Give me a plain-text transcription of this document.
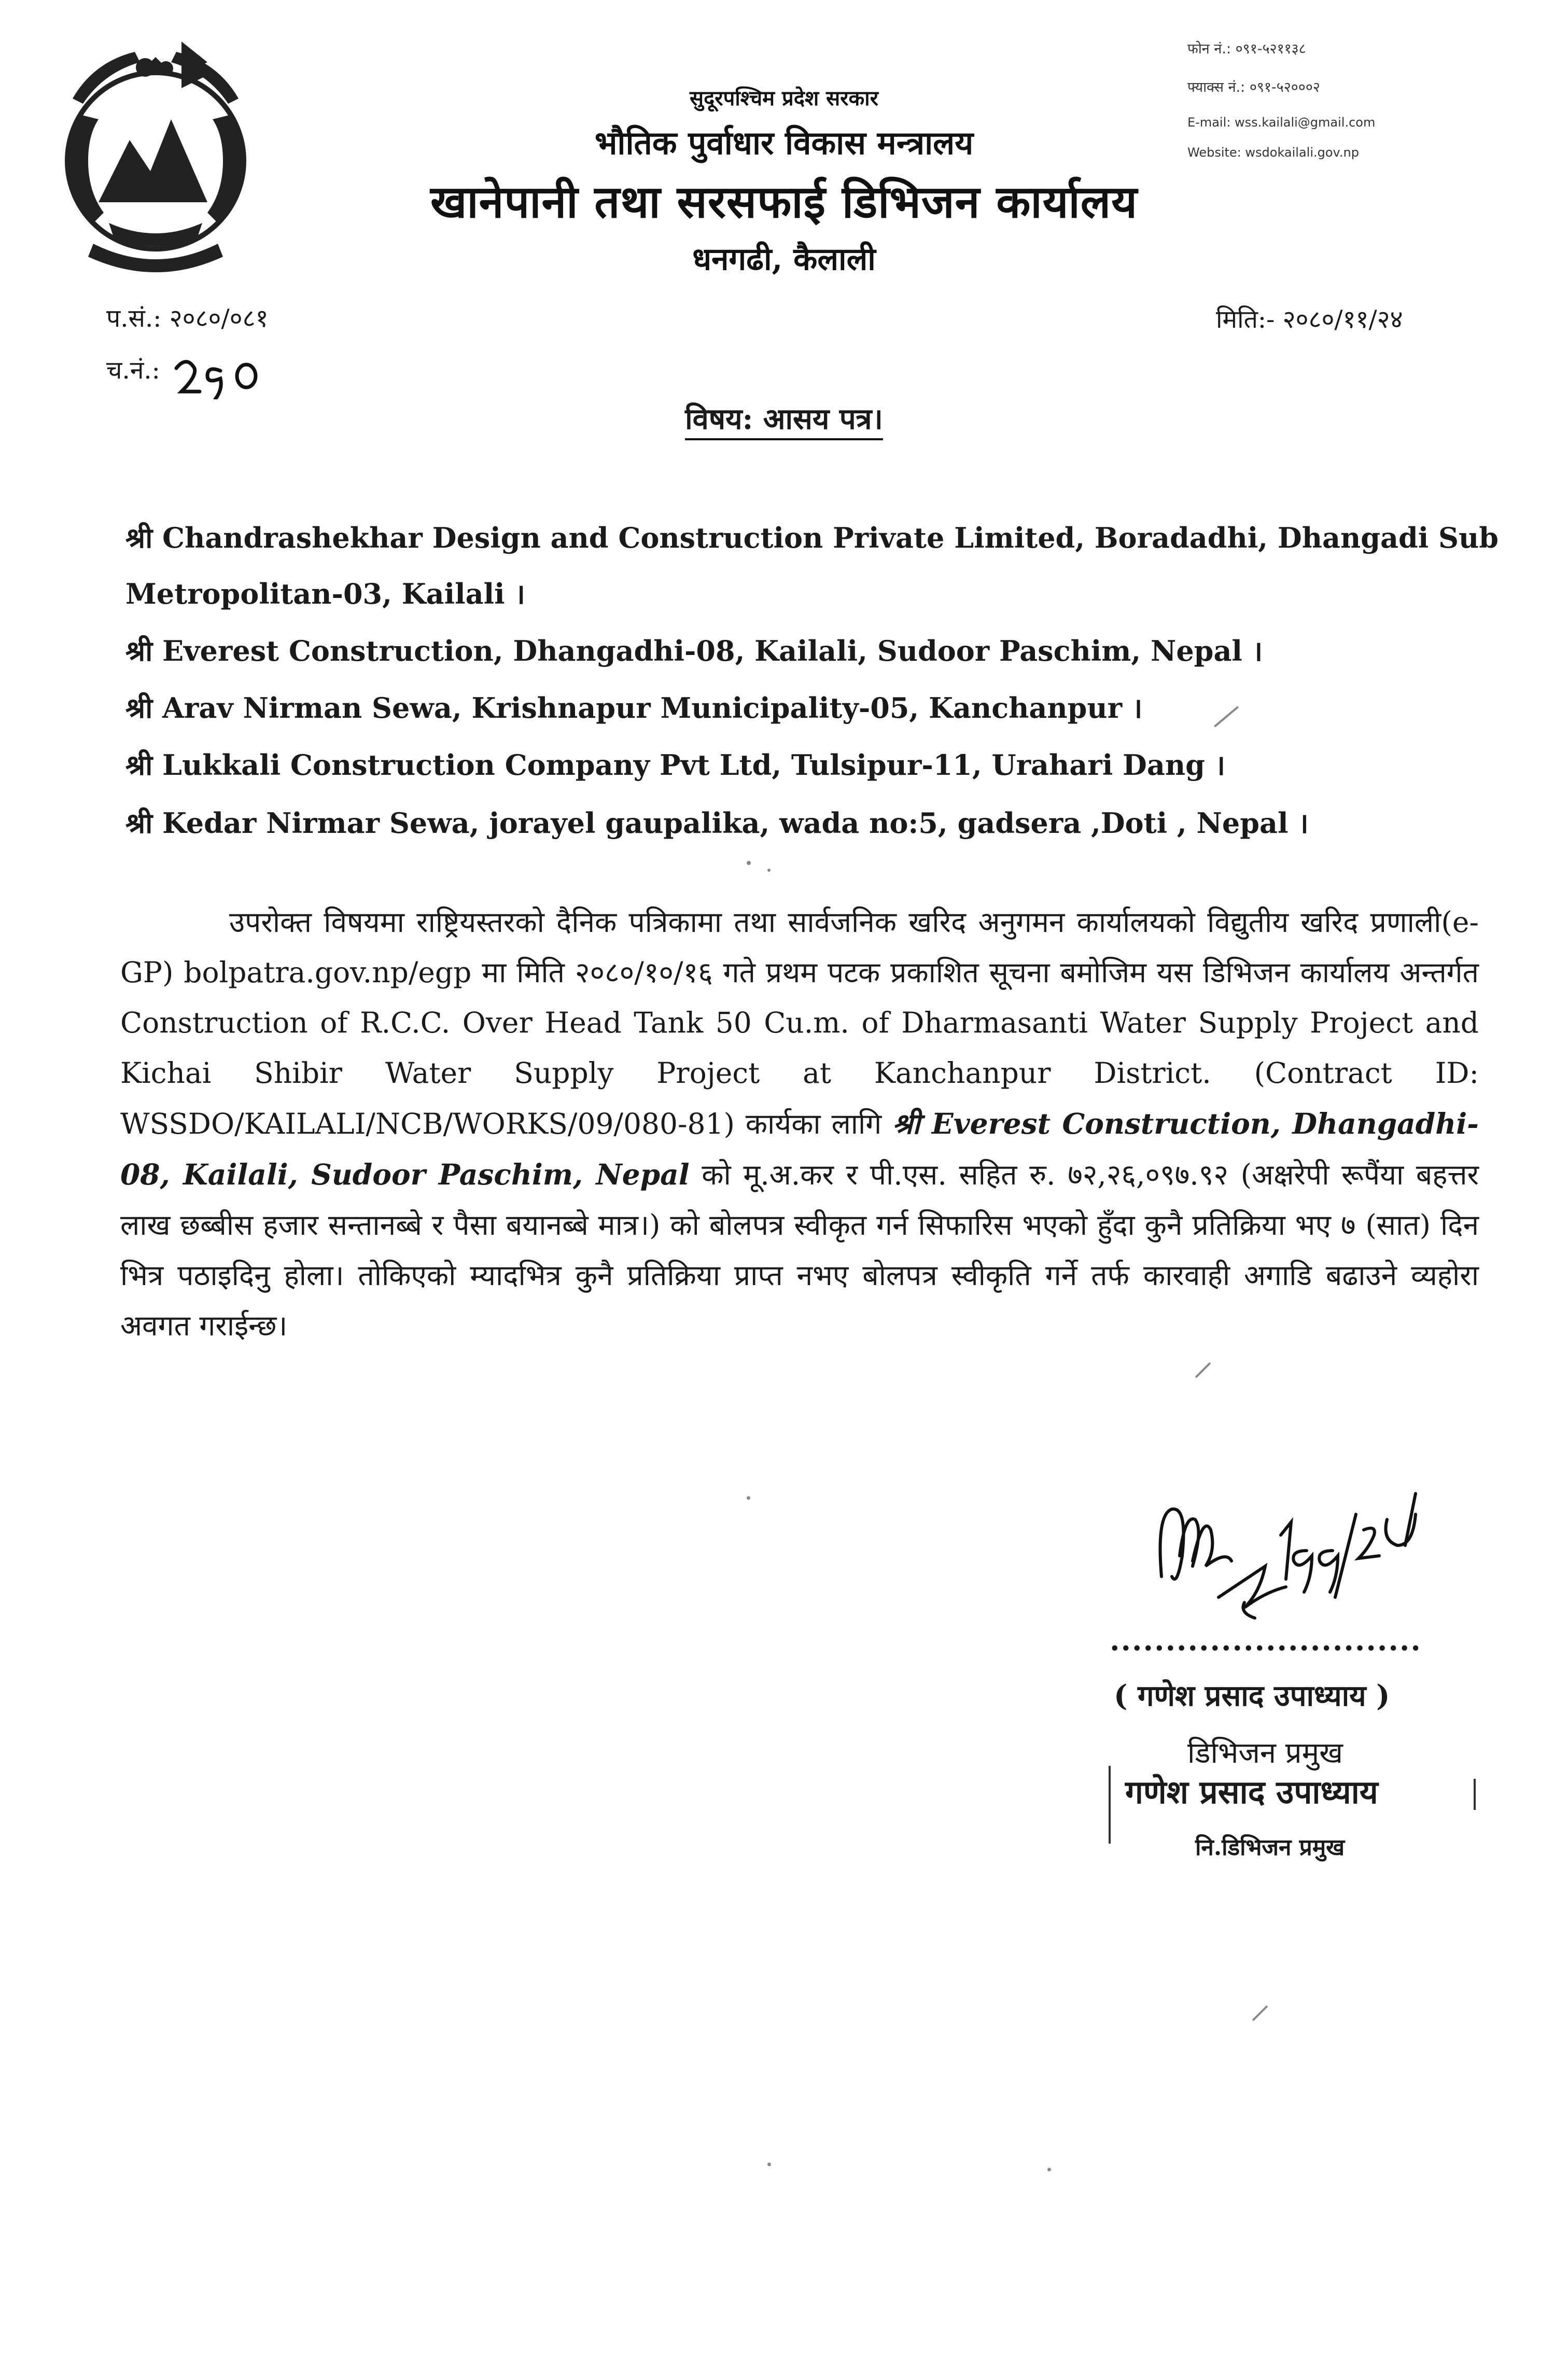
फोन नं.: ०९१-५२११३८
फ्याक्स नं.: ०९१-५२०००२
E-mail: wss.kailali@gmail.com
Website: wsdokailali.gov.np
सुदूरपश्चिम प्रदेश सरकार
भौतिक पुर्वाधार विकास मन्त्रालय
खानेपानी तथा सरसफाई डिभिजन कार्यालय
धनगढी, कैलाली
प.सं.: २०८०/०८१
च.नं.:
मिति:- २०८०/११/२४
विषय: आसय पत्र।
श्री Chandrashekhar Design and Construction Private Limited, Boradadhi, Dhangadi Sub
Metropolitan-03, Kailali ।
श्री Everest Construction, Dhangadhi-08, Kailali, Sudoor Paschim, Nepal ।
श्री Arav Nirman Sewa, Krishnapur Municipality-05, Kanchanpur ।
श्री Lukkali Construction Company Pvt Ltd, Tulsipur-11, Urahari Dang ।
श्री Kedar Nirmar Sewa, jorayel gaupalika, wada no:5, gadsera ,Doti , Nepal ।
उपरोक्त विषयमा राष्ट्रियस्तरको दैनिक पत्रिकामा तथा सार्वजनिक खरिद अनुगमन कार्यालयको विद्युतीय खरिद प्रणाली(e-GP) bolpatra.gov.np/egp मा मिति २०८०/१०/१६ गते प्रथम पटक प्रकाशित सूचना बमोजिम यस डिभिजन कार्यालय अन्तर्गत Construction of R.C.C. Over Head Tank 50 Cu.m. of Dharmasanti Water Supply Project and Kichai Shibir Water Supply Project at Kanchanpur District. (Contract ID: WSSDO/KAILALI/NCB/WORKS/09/080-81) कार्यका लागि श्री Everest Construction, Dhangadhi-08, Kailali, Sudoor Paschim, Nepal को मू.अ.कर र पी.एस. सहित रु. ७२,२६,०९७.९२ (अक्षरेपी रूपैंया बहत्तर लाख छब्बीस हजार सन्तानब्बे र पैसा बयानब्बे मात्र।) को बोलपत्र स्वीकृत गर्न सिफारिस भएको हुँदा कुनै प्रतिक्रिया भए ७ (सात) दिन भित्र पठाइदिनु होला। तोकिएको म्यादभित्र कुनै प्रतिक्रिया प्राप्त नभए बोलपत्र स्वीकृति गर्ने तर्फ कारवाही अगाडि बढाउने व्यहोरा अवगत गराईन्छ।
............................
( गणेश प्रसाद उपाध्याय )
डिभिजन प्रमुख
गणेश प्रसाद उपाध्याय
नि.डिभिजन प्रमुख
